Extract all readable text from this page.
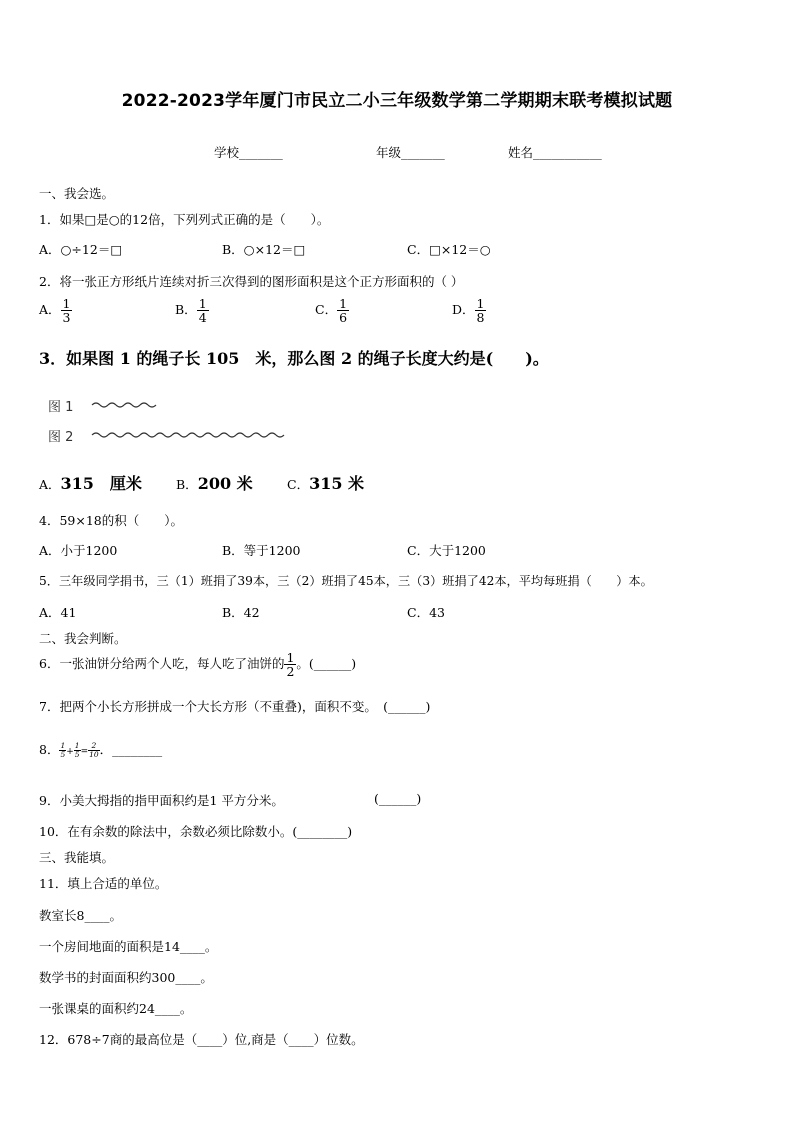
2022-2023学年厦门市民立二小三年级数学第二学期期末联考模拟试题
学校_______	年级_______	姓名___________
一、我会选。
1．如果□是○的12倍，下列列式正确的是（　　）。
A．○÷12＝□	B．○×12＝□	C．□×12＝○
2．将一张正方形纸片连续对折三次得到的图形面积是这个正方形面积的（ ）
A． $\frac{1}{3}$	B． $\frac{1}{4}$	C． $\frac{1}{6}$	D． $\frac{1}{8}$
3．如果图 1 的绳子长 105　米，那么图 2 的绳子长度大约是(　　)。
图 1
图 2
A．315　厘米	B．200 米	C．315 米
4．59×18的积（　　）。
A．小于1200	B．等于1200	C．大于1200
5．三年级同学捐书，三（1）班捐了39本，三（2）班捐了45本，三（3）班捐了42本，平均每班捐（　　）本。
A．41	B．42	C．43
二、我会判断。
6．一张油饼分给两个人吃，每人吃了油饼的 $\frac{1}{2}$ 。(______)
7．把两个小长方形拼成一个大长方形（不重叠)，面积不变。　(______)
8． $\frac{1}{5} + \frac{1}{5} = \frac{2}{10}$ ．________
9．小美大拇指的指甲面积约是1 平方分米。	(______)
10．在有余数的除法中，余数必须比除数小。(________)
三、我能填。
11．填上合适的单位。
教室长8____。
一个房间地面的面积是14____。
数学书的封面面积约300____。
一张课桌的面积约24____。
12．678÷7商的最高位是（____）位,商是（____）位数。
